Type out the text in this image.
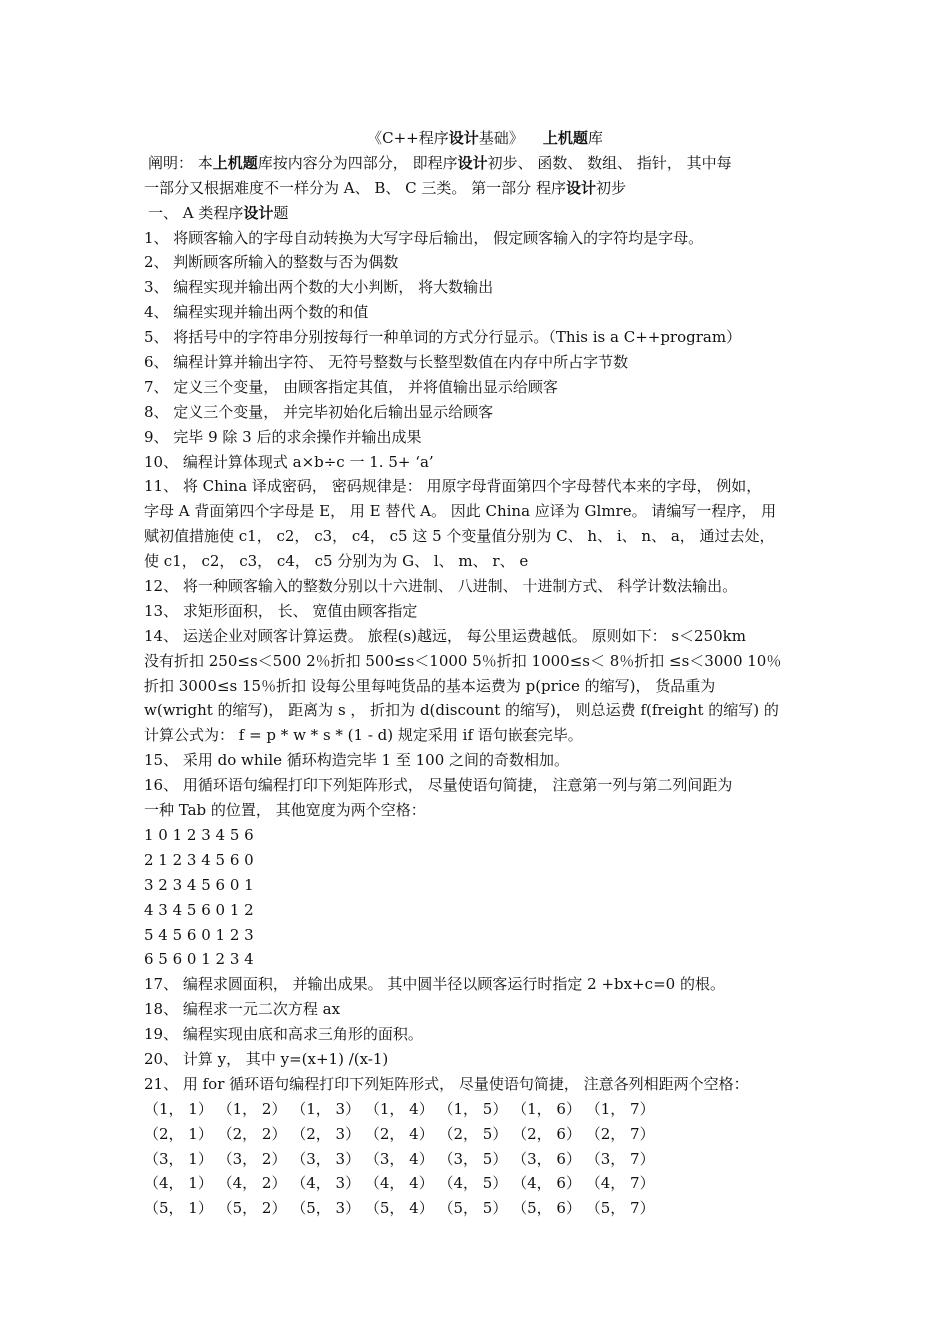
《C++程序设计基础》 上机题库
阐明： 本上机题库按内容分为四部分， 即程序设计初步、 函数、 数组、 指针， 其中每
一部分又根据难度不一样分为 A、 B、 C 三类。 第一部分 程序设计初步
一、 A 类程序设计题
1、 将顾客输入的字母自动转换为大写字母后输出， 假定顾客输入的字符均是字母。
2、 判断顾客所输入的整数与否为偶数
3、 编程实现并输出两个数的大小判断， 将大数输出
4、 编程实现并输出两个数的和值
5、 将括号中的字符串分别按每行一种单词的方式分行显示。（This is a C++program）
6、 编程计算并输出字符、 无符号整数与长整型数值在内存中所占字节数
7、 定义三个变量， 由顾客指定其值， 并将值输出显示给顾客
8、 定义三个变量， 并完毕初始化后输出显示给顾客
9、 完毕 9 除 3 后的求余操作并输出成果
10、 编程计算体现式 a×b÷c 一 1. 5+ ‘a’
11、 将 China 译成密码， 密码规律是： 用原字母背面第四个字母替代本来的字母， 例如，
字母 A 背面第四个字母是 E， 用 E 替代 A。 因此 China 应译为 Glmre。 请编写一程序， 用
赋初值措施使 c1， c2， c3， c4， c5 这 5 个变量值分别为 C、 h、 i、 n、 a， 通过去处，
使 c1， c2， c3， c4， c5 分别为为 G、 l、 m、 r、 e
12、 将一种顾客输入的整数分别以十六进制、 八进制、 十进制方式、 科学计数法输出。
13、 求矩形面积， 长、 宽值由顾客指定
14、 运送企业对顾客计算运费。 旅程(s)越远， 每公里运费越低。 原则如下： s＜250km
没有折扣 250≤s＜500 2％折扣 500≤s＜1000 5％折扣 1000≤s＜ 8％折扣 ≤s＜3000 10％
折扣 3000≤s 15％折扣 设每公里每吨货品的基本运费为 p(price 的缩写)， 货品重为
w(wright 的缩写)， 距离为 s ， 折扣为 d(discount 的缩写)， 则总运费 f(freight 的缩写) 的
计算公式为： f = p * w * s * (1 - d) 规定采用 if 语句嵌套完毕。
15、 采用 do while 循环构造完毕 1 至 100 之间的奇数相加。
16、 用循环语句编程打印下列矩阵形式， 尽量使语句简捷， 注意第一列与第二列间距为
一种 Tab 的位置， 其他宽度为两个空格：
1 0 1 2 3 4 5 6
2 1 2 3 4 5 6 0
3 2 3 4 5 6 0 1
4 3 4 5 6 0 1 2
5 4 5 6 0 1 2 3
6 5 6 0 1 2 3 4
17、 编程求圆面积， 并输出成果。 其中圆半径以顾客运行时指定 2 +bx+c=0 的根。
18、 编程求一元二次方程 ax
19、 编程实现由底和高求三角形的面积。
20、 计算 y， 其中 y=(x+1) /(x-1)
21、 用 for 循环语句编程打印下列矩阵形式， 尽量使语句简捷， 注意各列相距两个空格：
（1， 1） （1， 2） （1， 3） （1， 4） （1， 5） （1， 6） （1， 7）
（2， 1） （2， 2） （2， 3） （2， 4） （2， 5） （2， 6） （2， 7）
（3， 1） （3， 2） （3， 3） （3， 4） （3， 5） （3， 6） （3， 7）
（4， 1） （4， 2） （4， 3） （4， 4） （4， 5） （4， 6） （4， 7）
（5， 1） （5， 2） （5， 3） （5， 4） （5， 5） （5， 6） （5， 7）
